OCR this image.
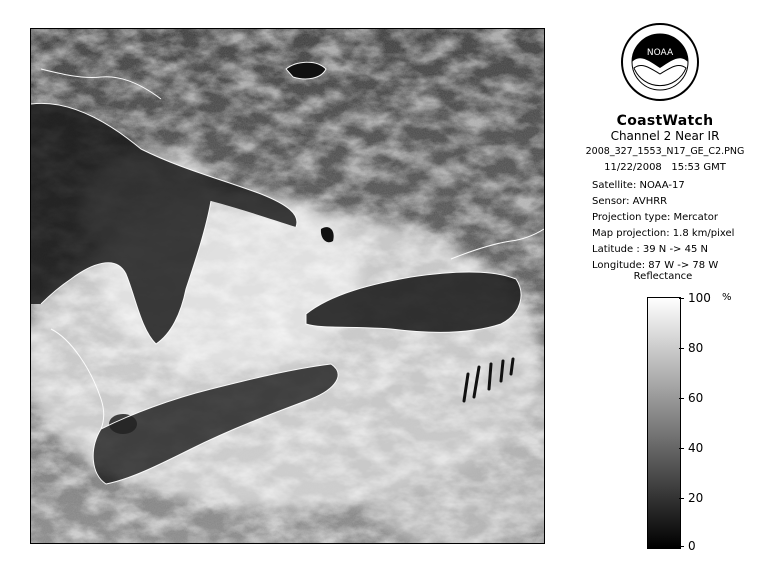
NOAA
CoastWatch
Channel 2 Near IR
2008_327_1553_N17_GE_C2.PNG
11/22/2008 15:53 GMT
Satellite: NOAA-17
Sensor: AVHRR
Projection type: Mercator
Map projection: 1.8 km/pixel
Latitude : 39 N -> 45 N
Longitude: 87 W -> 78 W
Reflectance
%
100
80
60
40
20
0
